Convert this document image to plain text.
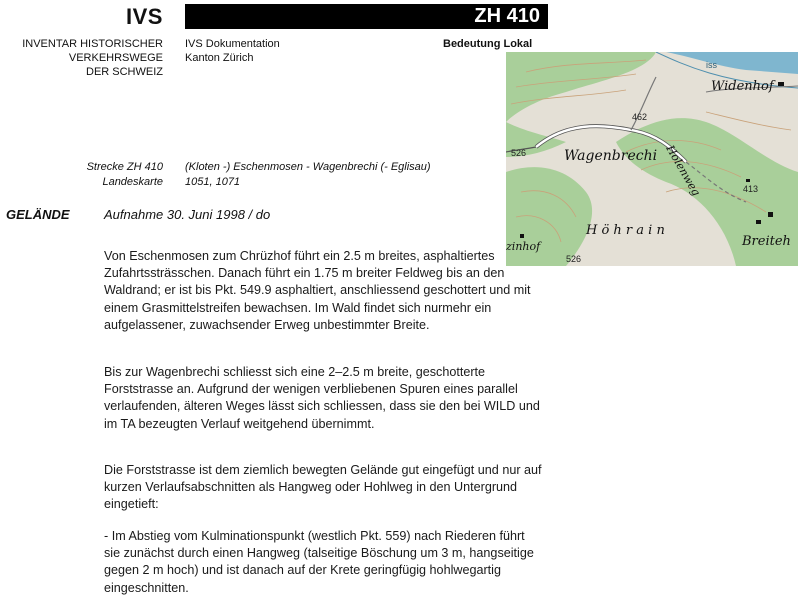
IVS	ZH 410
INVENTAR HISTORISCHER
VERKEHRSWEGE
DER SCHWEIZ
IVS Dokumentation
Kanton Zürich
Bedeutung Lokal
Widenhof
Wagenbrechi Holenweg
H ö h r a i n
Breiteh
zinhof
462
413
526
526
iss
Strecke ZH 410 (Kloten -) Eschenmosen - Wagenbrechi (- Eglisau)
Landeskarte 1051, 1071
GELÄNDE	Aufnahme 30. Juni 1998 / do
Von Eschenmosen zum Chrüzhof führt ein 2.5 m breites, asphaltiertes Zufahrtssträsschen. Danach führt ein 1.75 m breiter Feldweg bis an den Waldrand; er ist bis Pkt. 549.9 asphaltiert, anschliessend geschottert und mit einem Grasmittelstreifen bewachsen. Im Wald findet sich nurmehr ein aufgelassener, zuwachsender Erweg unbestimmter Breite.
Bis zur Wagenbrechi schliesst sich eine 2–2.5 m breite, geschotterte Forststrasse an. Aufgrund der wenigen verbliebenen Spuren eines parallel verlaufenden, älteren Weges lässt sich schliessen, dass sie den bei WILD und im TA bezeugten Verlauf weitgehend übernimmt.
Die Forststrasse ist dem ziemlich bewegten Gelände gut eingefügt und nur auf kurzen Verlaufsabschnitten als Hangweg oder Hohlweg in den Untergrund eingetieft:
- Im Abstieg vom Kulminationspunkt (westlich Pkt. 559) nach Riederen führt sie zunächst durch einen Hangweg (talseitige Böschung um 3 m, hangseitige gegen 2 m hoch) und ist danach auf der Krete geringfügig hohlwegartig eingeschnitten.
